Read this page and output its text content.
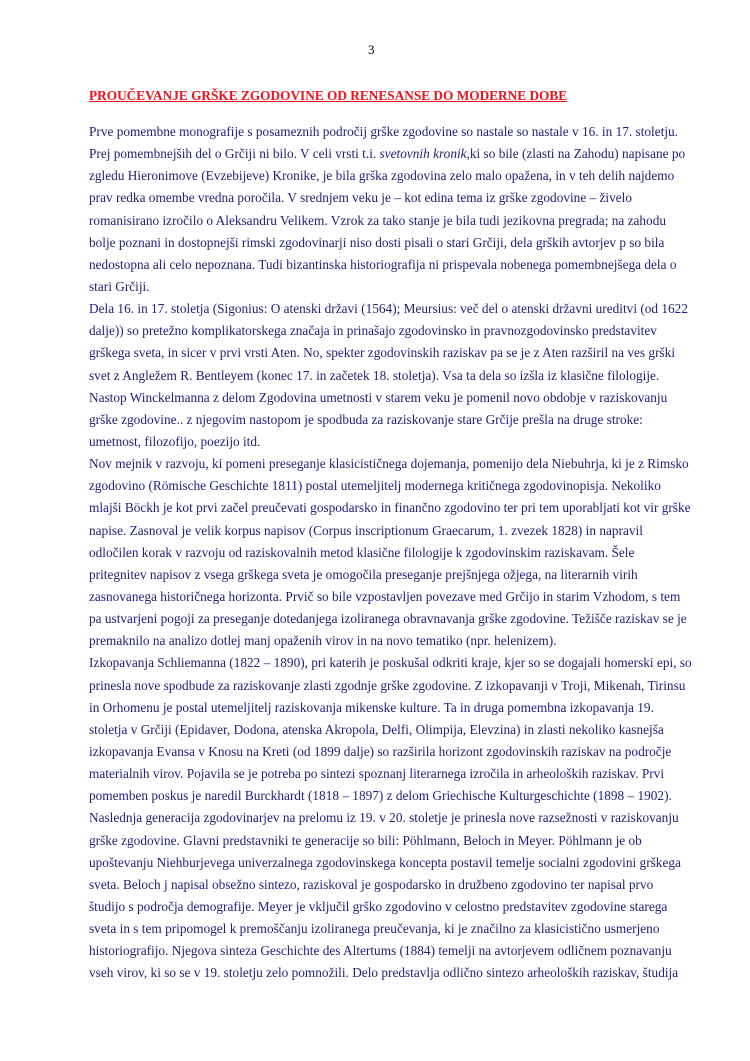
3
PROUČEVANJE GRŠKE ZGODOVINE OD RENESANSE DO MODERNE DOBE
Prve pomembne monografije s posameznih področij grške zgodovine so nastale so nastale v 16. in 17. stoletju.
Prej pomembnejših del o Grčiji ni bilo. V celi vrsti t.i. svetovnih kronik,ki so bile (zlasti na Zahodu) napisane po
zgledu Hieronimove (Evzebijeve) Kronike, je bila grška zgodovina zelo malo opažena, in v teh delih najdemo
prav redka omembe vredna poročila. V srednjem veku je – kot edina tema iz grške zgodovine – živelo
romanisirano izročilo o Aleksandru Velikem. Vzrok za tako stanje je bila tudi jezikovna pregrada; na zahodu
bolje poznani in dostopnejši rimski zgodovinarji niso dosti pisali o stari Grčiji, dela grških avtorjev p so bila
nedostopna ali celo nepoznana. Tudi bizantinska historiografija ni prispevala nobenega pomembnejšega dela o
stari Grčiji.
Dela 16. in 17. stoletja (Sigonius: O atenski državi (1564); Meursius: več del o atenski državni ureditvi (od 1622
dalje)) so pretežno komplikatorskega značaja in prinašajo zgodovinsko in pravnozgodovinsko predstavitev
grškega sveta, in sicer v prvi vrsti Aten. No, spekter zgodovinskih raziskav pa se je z Aten razširil na ves grški
svet z Angležem R. Bentleyem (konec 17. in začetek 18. stoletja). Vsa ta dela so izšla iz klasične filologije.
Nastop Winckelmanna z delom Zgodovina umetnosti v starem veku je pomenil novo obdobje v raziskovanju
grške zgodovine.. z njegovim nastopom je spodbuda za raziskovanje stare Grčije prešla na druge stroke:
umetnost, filozofijo, poezijo itd.
Nov mejnik v razvoju, ki pomeni preseganje klasicističnega dojemanja, pomenijo dela Niebuhrja, ki je z Rimsko
zgodovino (Römische Geschichte 1811) postal utemeljitelj modernega kritičnega zgodovinopisja. Nekoliko
mlajši Böckh je kot prvi začel preučevati gospodarsko in finančno zgodovino ter pri tem uporabljati kot vir grške
napise. Zasnoval je velik korpus napisov (Corpus inscriptionum Graecarum, 1. zvezek 1828) in napravil
odločilen korak v razvoju od raziskovalnih metod klasične filologije k zgodovinskim raziskavam. Šele
pritegnitev napisov z vsega grškega sveta je omogočila preseganje prejšnjega ožjega, na literarnih virih
zasnovanega historičnega horizonta. Prvič so bile vzpostavljen povezave med Grčijo in starim Vzhodom, s tem
pa ustvarjeni pogoji za preseganje dotedanjega izoliranega obravnavanja grške zgodovine. Težišče raziskav se je
premaknilo na analizo dotlej manj opaženih virov in na novo tematiko (npr. helenizem).
Izkopavanja Schliemanna (1822 – 1890), pri katerih je poskušal odkriti kraje, kjer so se dogajali homerski epi, so
prinesla nove spodbude za raziskovanje zlasti zgodnje grške zgodovine. Z izkopavanji v Troji, Mikenah, Tirinsu
in Orhomenu je postal utemeljitelj raziskovanja mikenske kulture. Ta in druga pomembna izkopavanja 19.
stoletja v Grčiji (Epidaver, Dodona, atenska Akropola, Delfi, Olimpija, Elevzina) in zlasti nekoliko kasnejša
izkopavanja Evansa v Knosu na Kreti (od 1899 dalje) so razširila horizont zgodovinskih raziskav na področje
materialnih virov. Pojavila se je potreba po sintezi spoznanj literarnega izročila in arheoloških raziskav. Prvi
pomemben poskus je naredil Burckhardt (1818 – 1897) z delom Griechische Kulturgeschichte (1898 – 1902).
Naslednja generacija zgodovinarjev na prelomu iz 19. v 20. stoletje je prinesla nove razsežnosti v raziskovanju
grške zgodovine. Glavni predstavniki te generacije so bili: Pöhlmann, Beloch in Meyer. Pöhlmann je ob
upoštevanju Niehburjevega univerzalnega zgodovinskega koncepta postavil temelje socialni zgodovini grškega
sveta. Beloch j napisal obsežno sintezo, raziskoval je gospodarsko in družbeno zgodovino ter napisal prvo
študijo s področja demografije. Meyer je vključil grško zgodovino v celostno predstavitev zgodovine starega
sveta in s tem pripomogel k premoščanju izoliranega preučevanja, ki je značilno za klasicistično usmerjeno
historiografijo. Njegova sinteza Geschichte des Altertums (1884) temelji na avtorjevem odličnem poznavanju
vseh virov, ki so se v 19. stoletju zelo pomnožili. Delo predstavlja odlično sintezo arheoloških raziskav, študija
